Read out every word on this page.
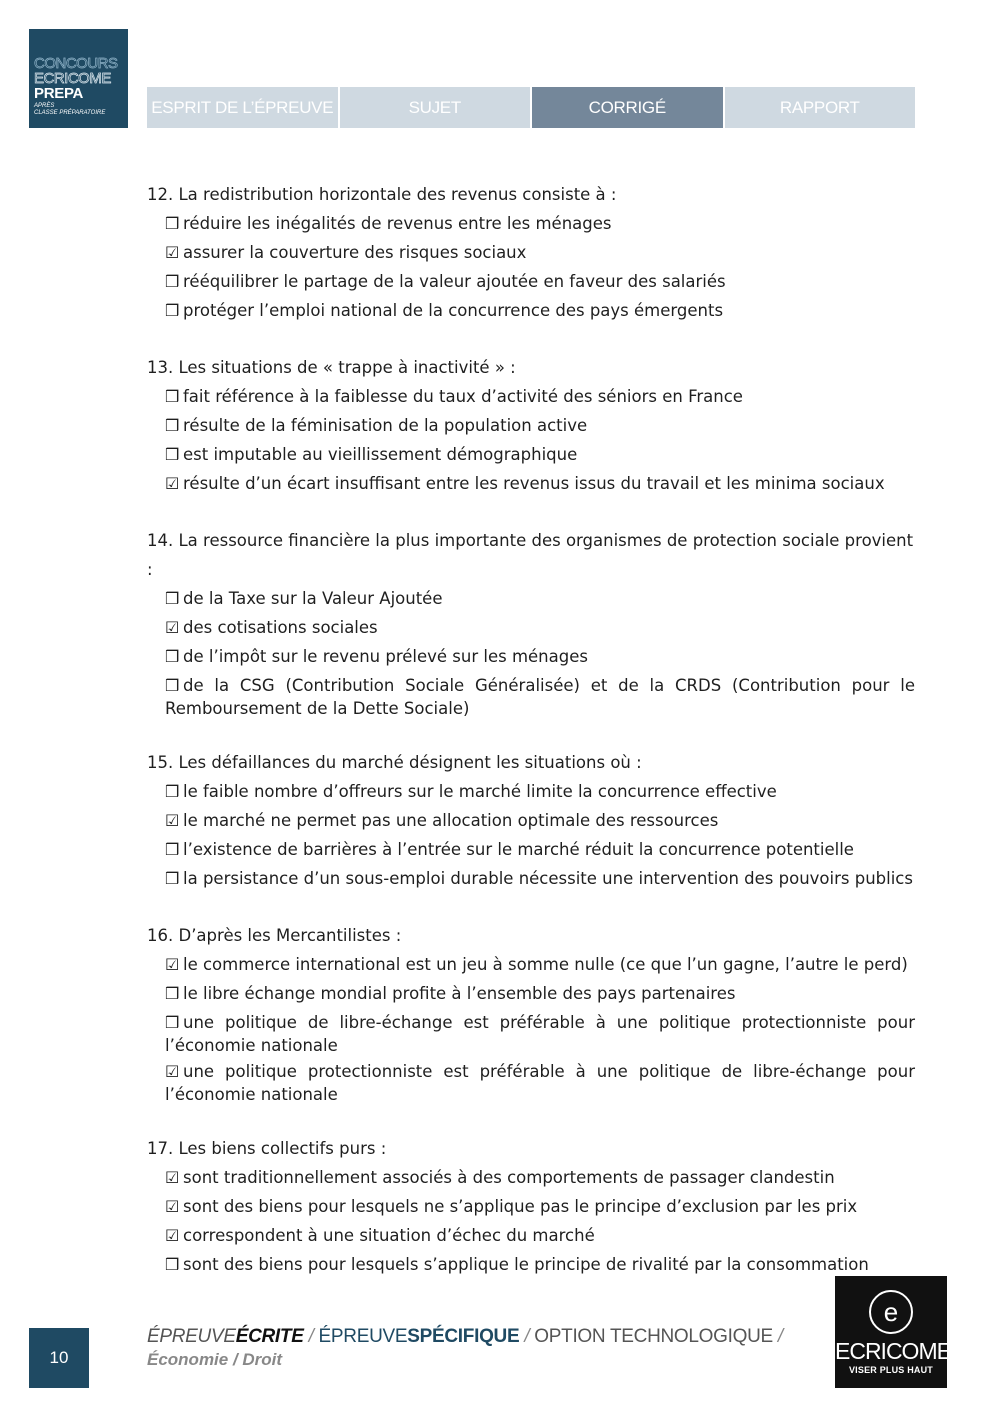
CONCOURS
ECRICOME
PREPA
APRÈS
CLASSE PRÉPARATOIRE	ESPRIT DE L’ÉPREUVE	SUJET	CORRIGÉ	RAPPORT
12. La redistribution horizontale des revenus consiste à :
❒ réduire les inégalités de revenus entre les ménages
☑ assurer la couverture des risques sociaux
❒ rééquilibrer le partage de la valeur ajoutée en faveur des salariés
❒ protéger l’emploi national de la concurrence des pays émergents
13. Les situations de « trappe à inactivité » :
❒ fait référence à la faiblesse du taux d’activité des séniors en France
❒ résulte de la féminisation de la population active
❒ est imputable au vieillissement démographique
☑ résulte d’un écart insuffisant entre les revenus issus du travail et les minima sociaux
14. La ressource financière la plus importante des organismes de protection sociale provient :
❒ de la Taxe sur la Valeur Ajoutée
☑ des cotisations sociales
❒ de l’impôt sur le revenu prélevé sur les ménages
❒ de la CSG (Contribution Sociale Généralisée) et de la CRDS (Contribution pour le Remboursement de la Dette Sociale)
15. Les défaillances du marché désignent les situations où :
❒ le faible nombre d’offreurs sur le marché limite la concurrence effective
☑ le marché ne permet pas une allocation optimale des ressources
❒ l’existence de barrières à l’entrée sur le marché réduit la concurrence potentielle
❒ la persistance d’un sous-emploi durable nécessite une intervention des pouvoirs publics
16. D’après les Mercantilistes :
☑ le commerce international est un jeu à somme nulle (ce que l’un gagne, l’autre le perd)
❒ le libre échange mondial profite à l’ensemble des pays partenaires
❒ une politique de libre-échange est préférable à une politique protectionniste pour l’économie nationale
☑ une politique protectionniste est préférable à une politique de libre-échange pour l’économie nationale
17. Les biens collectifs purs :
☑ sont traditionnellement associés à des comportements de passager clandestin
☑ sont des biens pour lesquels ne s’applique pas le principe d’exclusion par les prix
☑ correspondent à une situation d’échec du marché
❒ sont des biens pour lesquels s’applique le principe de rivalité par la consommation
10
ÉPREUVEÉCRITE / ÉPREUVESPÉCIFIQUE / OPTION TECHNOLOGIQUE /
Économie / Droit
e
ECRICOME
VISER PLUS HAUT
